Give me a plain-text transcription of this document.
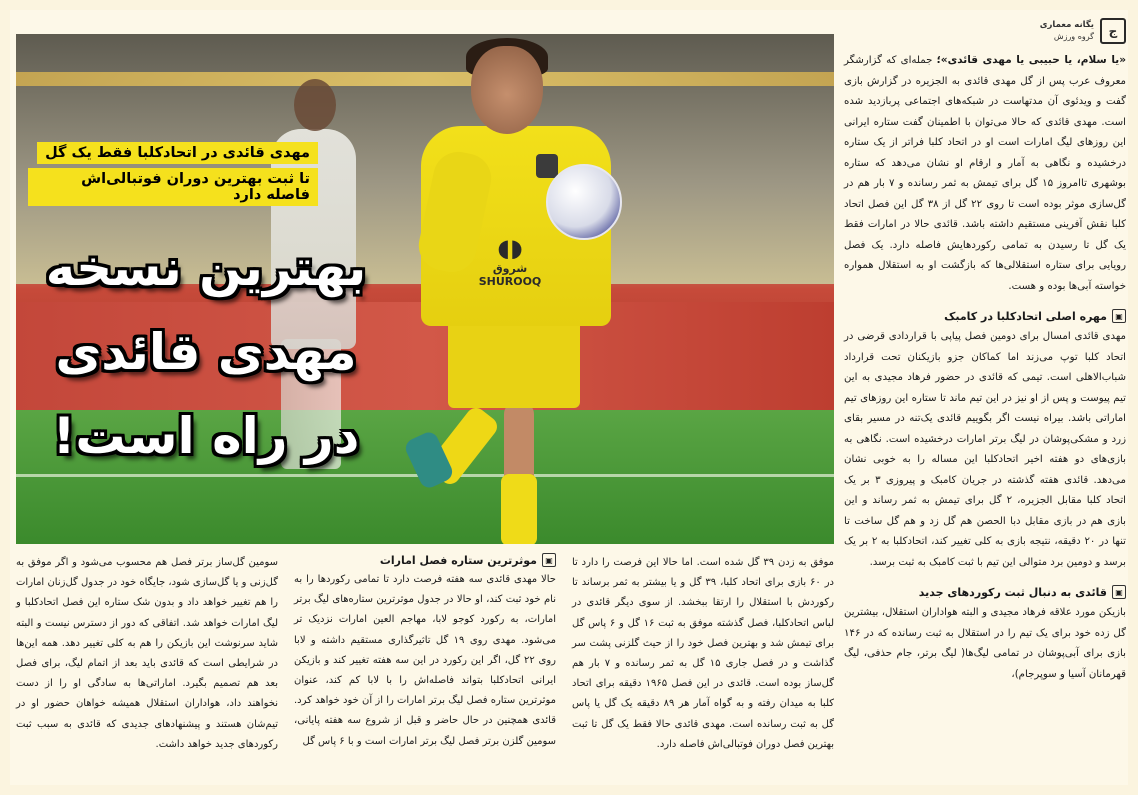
ج
یگانه معماری
گروه ورزش

«یا سلام، یا حبیبی یا مهدی قائدی»؛ جمله‌ای که گزارشگر معروف عرب پس از گل مهدی قائدی به الجزیره در گزارش بازی گفت و ویدئوی آن مدتهاست در شبکه‌های اجتماعی پربازدید شده است. مهدی قائدی که حالا می‌توان با اطمینان گفت ستاره ایرانی این روزهای لیگ امارات است او در اتحاد کلبا فراتر از یک ستاره درخشیده و نگاهی به آمار و ارقام او نشان می‌دهد که ستاره بوشهری تاامروز ۱۵ گل برای تیمش به ثمر رسانده و ۷ بار هم در گل‌سازی موثر بوده است تا روی ۲۲ گل از ۳۸ گل این فصل اتحاد کلبا نقش آفرینی مستقیم داشته باشد. قائدی حالا در امارات فقط یک گل تا رسیدن به تمامی رکوردهایش فاصله دارد. یک فصل رویایی برای ستاره استقلالی‌ها که بازگشت او به استقلال همواره خواسته آبی‌ها بوده و هست.

▣
مهره اصلی اتحادکلبا در کامبک

مهدی قائدی امسال برای دومین فصل پیاپی با قراردادی قرضی در اتحاد کلبا توپ می‌زند اما کماکان جزو بازیکنان تحت قرارداد شباب‌الاهلی است. تیمی که قائدی در حضور فرهاد مجیدی به این تیم پیوست و پس از او نیز در این تیم ماند تا ستاره این روزهای تیم اماراتی باشد. بیراه نیست اگر بگوییم قائدی یک‌تنه در مسیر بقای زرد و مشکی‌پوشان در لیگ برتر امارات درخشیده است. نگاهی به بازی‌های دو هفته اخیر اتحادکلبا این مساله را به خوبی نشان می‌دهد. قائدی هفته گذشته در جریان کامبک و پیروزی ۳ بر یک اتحاد کلبا مقابل الجزیره، ۲ گل برای تیمش به ثمر رساند و این بازی هم در بازی مقابل دبا الحصن هم گل زد و هم گل ساخت تا تنها در ۲۰ دقیقه، نتیجه بازی به کلی تغییر کند، اتحادکلبا به ۲ بر یک برسد و دومین برد متوالی این تیم با ثبت کامبک به ثبت برسد.

▣
قائدی به دنبال ثبت رکوردهای جدید

بازیکن مورد علاقه فرهاد مجیدی و البته هواداران استقلال، بیشترین گل زده خود برای یک تیم را در استقلال به ثبت رسانده که در ۱۴۶ بازی برای آبی‌پوشان در تمامی لیگ‌ها( لیگ برتر، جام حذفی، لیگ قهرمانان آسیا و سوپرجام)،

◖◗
شروق
SHUROOQ
مهدی قائدی در اتحادکلبا فقط یک گل تا ثبت بهترین دوران فوتبالی‌اش فاصله دارد
بهترین نسخه
مهدی قائدی
در راه است!

موفق به زدن ۳۹ گل شده است. اما حالا این فرصت را دارد تا در ۶۰ بازی برای اتحاد کلبا، ۳۹ گل و یا بیشتر به ثمر برساند تا رکوردش با استقلال را ارتقا ببخشد. از سوی دیگر قائدی در لباس اتحادکلبا، فصل گذشته موفق به ثبت ۱۶ گل و ۶ پاس گل برای تیمش شد و بهترین فصل خود را از حیث گلزنی پشت سر گذاشت و در فصل جاری ۱۵ گل به ثمر رسانده و ۷ بار هم گل‌ساز بوده است. قائدی در این فصل ۱۹۶۵ دقیقه برای اتحاد کلبا به میدان رفته و به گواه آمار هر ۸۹ دقیقه یک گل یا پاس گل به ثبت رسانده است. مهدی قائدی حالا فقط یک گل تا ثبت بهترین فصل دوران فوتبالی‌اش فاصله دارد.

▣
موثرترین ستاره فصل امارات

حالا مهدی قائدی سه هفته فرصت دارد تا تمامی رکوردها را به نام خود ثبت کند، او حالا در جدول موثرترین ستاره‌های لیگ برتر امارات، به رکورد کوجو لابا، مهاجم العین امارات نزدیک تر می‌شود. مهدی روی ۱۹ گل تاثیرگذاری مستقیم داشته و لابا روی ۲۲ گل، اگر این رکورد در این سه هفته تغییر کند و بازیکن ایرانی اتحادکلبا بتواند فاصله‌اش را با لابا کم کند، عنوان موثرترین ستاره فصل لیگ برتر امارات را از آن خود خواهد کرد. قائدی همچنین در حال حاضر و قبل از شروع سه هفته پایانی، سومین گلزن برتر فصل لیگ برتر امارات است و با ۶ پاس گل

سومین گل‌ساز برتر فصل هم محسوب می‌شود و اگر موفق به گل‌زنی و یا گل‌سازی شود، جایگاه خود در جدول گل‌زنان امارات را هم تغییر خواهد داد و بدون شک ستاره این فصل اتحادکلبا و لیگ امارات خواهد شد. اتفاقی که دور از دسترس نیست و البته شاید سرنوشت این بازیکن را هم به کلی تغییر دهد. همه این‌ها در شرایطی است که قائدی باید بعد از اتمام لیگ، برای فصل بعد هم تصمیم بگیرد. اماراتی‌ها به سادگی او را از دست نخواهند داد، هواداران استقلال همیشه خواهان حضور او در تیم‌شان هستند و پیشنهادهای جدیدی که قائدی به سبب ثبت رکوردهای جدید خواهد داشت.
